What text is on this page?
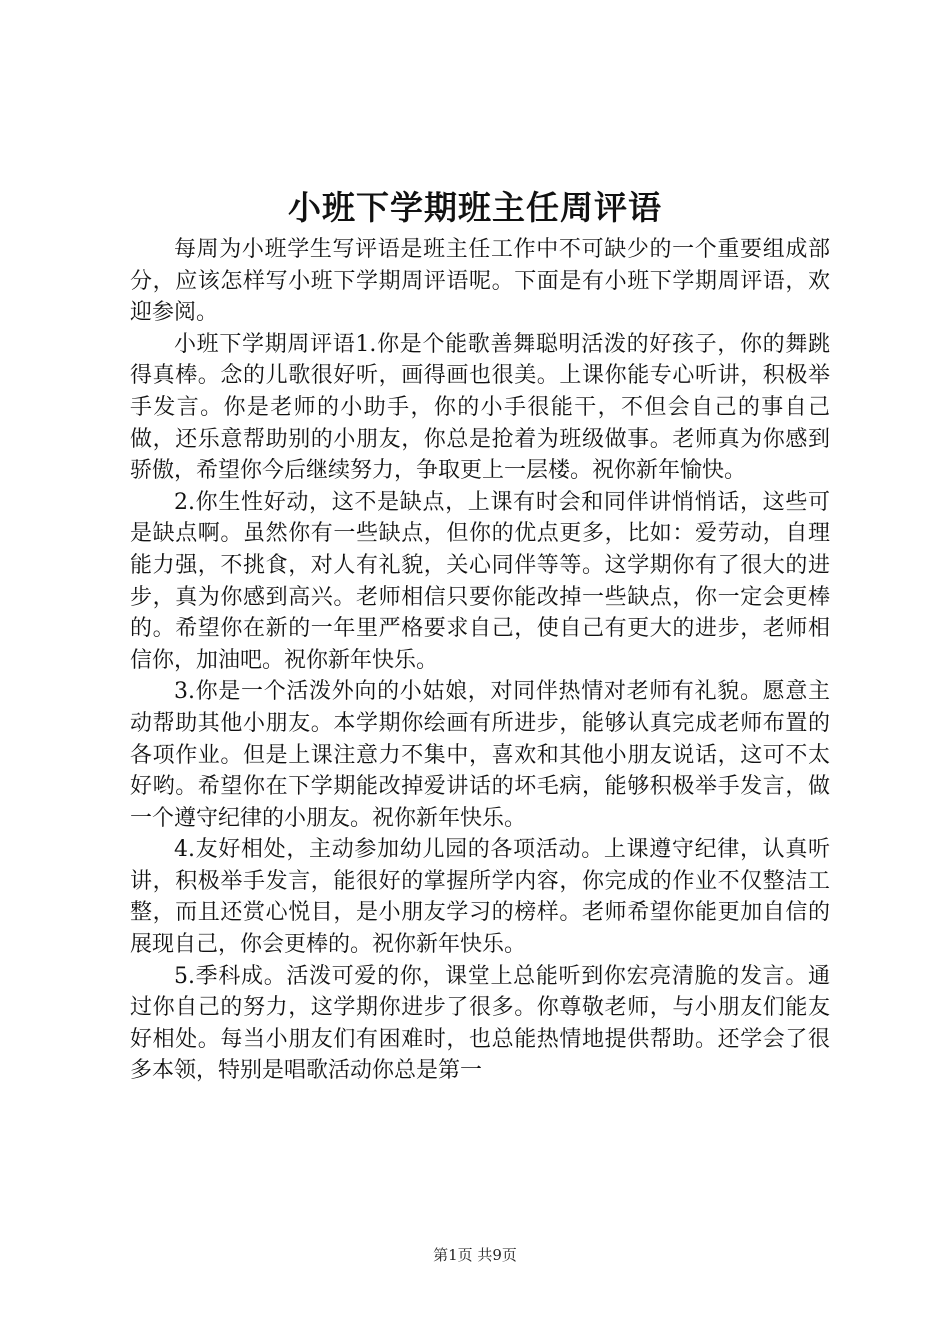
小班下学期班主任周评语

每周为小班学生写评语是班主任工作中不可缺少的一个重要组成部分，应该怎样写小班下学期周评语呢。下面是有小班下学期周评语，欢迎参阅。

小班下学期周评语1.你是个能歌善舞聪明活泼的好孩子，你的舞跳得真棒。念的儿歌很好听，画得画也很美。上课你能专心听讲，积极举手发言。你是老师的小助手，你的小手很能干，不但会自己的事自己做，还乐意帮助别的小朋友，你总是抢着为班级做事。老师真为你感到骄傲，希望你今后继续努力，争取更上一层楼。祝你新年愉快。

2.你生性好动，这不是缺点，上课有时会和同伴讲悄悄话，这些可是缺点啊。虽然你有一些缺点，但你的优点更多，比如：爱劳动，自理能力强，不挑食，对人有礼貌，关心同伴等等。这学期你有了很大的进步，真为你感到高兴。老师相信只要你能改掉一些缺点，你一定会更棒的。希望你在新的一年里严格要求自己，使自己有更大的进步，老师相信你，加油吧。祝你新年快乐。

3.你是一个活泼外向的小姑娘，对同伴热情对老师有礼貌。愿意主动帮助其他小朋友。本学期你绘画有所进步，能够认真完成老师布置的各项作业。但是上课注意力不集中，喜欢和其他小朋友说话，这可不太好哟。希望你在下学期能改掉爱讲话的坏毛病，能够积极举手发言，做一个遵守纪律的小朋友。祝你新年快乐。

4.友好相处，主动参加幼儿园的各项活动。上课遵守纪律，认真听讲，积极举手发言，能很好的掌握所学内容，你完成的作业不仅整洁工整，而且还赏心悦目，是小朋友学习的榜样。老师希望你能更加自信的展现自己，你会更棒的。祝你新年快乐。

5.季科成。活泼可爱的你，课堂上总能听到你宏亮清脆的发言。通过你自己的努力，这学期你进步了很多。你尊敬老师，与小朋友们能友好相处。每当小朋友们有困难时，也总能热情地提供帮助。还学会了很多本领，特别是唱歌活动你总是第一

第1页 共9页
